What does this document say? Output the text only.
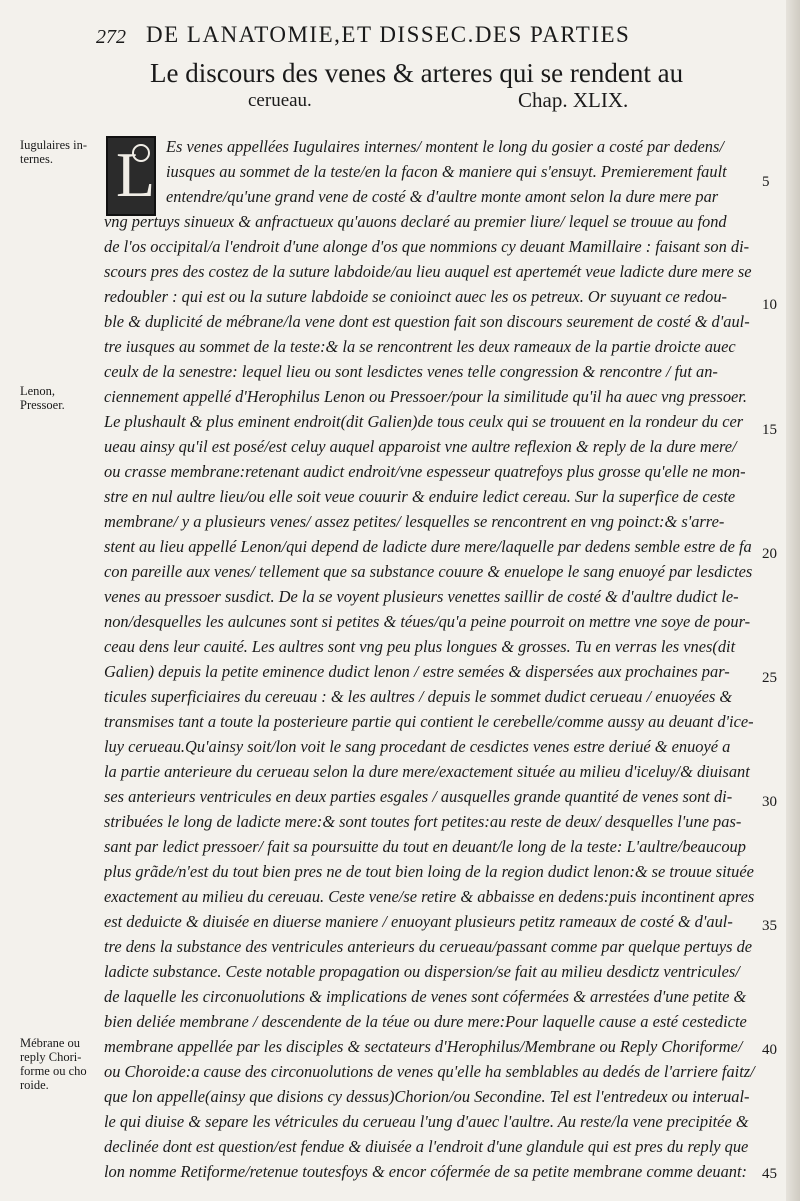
272 DE LANATOMIE,ET DISSEC.DES PARTIES
Le discours des venes & arteres qui se rendent au
cerueau.	Chap. XLIX.
L
Iugulaires in- ternes.
Lenon, Pressoer.
Mébrane ou reply Chori- forme ou cho roide.
5
10
15
20
25
30
35
40
45
Es venes appellées Iugulaires internes/ montent le long du gosier a costé par dedens/
iusques au sommet de la teste/en la facon & maniere qui s'ensuyt. Premierement fault
entendre/qu'une grand vene de costé & d'aultre monte amont selon la dure mere par
vng pertuys sinueux & anfractueux qu'auons declaré au premier liure/ lequel se trouue au fond
de l'os occipital/a l'endroit d'une alonge d'os que nommions cy deuant Mamillaire : faisant son di-
scours pres des costez de la suture labdoide/au lieu auquel est apertemét veue ladicte dure mere se
redoubler : qui est ou la suture labdoide se conioinct auec les os petreux. Or suyuant ce redou-
ble & duplicité de mébrane/la vene dont est question fait son discours seurement de costé & d'aul-
tre iusques au sommet de la teste:& la se rencontrent les deux rameaux de la partie droicte auec
ceulx de la senestre: lequel lieu ou sont lesdictes venes telle congression & rencontre / fut an-
ciennement appellé d'Herophilus Lenon ou Pressoer/pour la similitude qu'il ha auec vng pressoer.
Le plushault & plus eminent endroit(dit Galien)de tous ceulx qui se trouuent en la rondeur du cer
ueau ainsy qu'il est posé/est celuy auquel apparoist vne aultre reflexion & reply de la dure mere/
ou crasse membrane:retenant audict endroit/vne espesseur quatrefoys plus grosse qu'elle ne mon-
stre en nul aultre lieu/ou elle soit veue couurir & enduire ledict cereau. Sur la superfice de ceste
membrane/ y a plusieurs venes/ assez petites/ lesquelles se rencontrent en vng poinct:& s'arre-
stent au lieu appellé Lenon/qui depend de ladicte dure mere/laquelle par dedens semble estre de fa
con pareille aux venes/ tellement que sa substance couure & enuelope le sang enuoyé par lesdictes
venes au pressoer susdict. De la se voyent plusieurs venettes saillir de costé & d'aultre dudict le-
non/desquelles les aulcunes sont si petites & téues/qu'a peine pourroit on mettre vne soye de pour-
ceau dens leur cauité. Les aultres sont vng peu plus longues & grosses. Tu en verras les vnes(dit
Galien) depuis la petite eminence dudict lenon / estre semées & dispersées aux prochaines par-
ticules superficiaires du cereuau : & les aultres / depuis le sommet dudict cerueau / enuoyées &
transmises tant a toute la posterieure partie qui contient le cerebelle/comme aussy au deuant d'ice-
luy cerueau.Qu'ainsy soit/lon voit le sang procedant de cesdictes venes estre deriué & enuoyé a
la partie anterieure du cerueau selon la dure mere/exactement située au milieu d'iceluy/& diuisant
ses anterieurs ventricules en deux parties esgales / ausquelles grande quantité de venes sont di-
stribuées le long de ladicte mere:& sont toutes fort petites:au reste de deux/ desquelles l'une pas-
sant par ledict pressoer/ fait sa poursuitte du tout en deuant/le long de la teste: L'aultre/beaucoup
plus grãde/n'est du tout bien pres ne de tout bien loing de la region dudict lenon:& se trouue située
exactement au milieu du cereuau. Ceste vene/se retire & abbaisse en dedens:puis incontinent apres
est deduicte & diuisée en diuerse maniere / enuoyant plusieurs petitz rameaux de costé & d'aul-
tre dens la substance des ventricules anterieurs du cerueau/passant comme par quelque pertuys de
ladicte substance. Ceste notable propagation ou dispersion/se fait au milieu desdictz ventricules/
de laquelle les circonuolutions & implications de venes sont cófermées & arrestées d'une petite &
bien deliée membrane / descendente de la téue ou dure mere:Pour laquelle cause a esté cestedicte
membrane appellée par les disciples & sectateurs d'Herophilus/Membrane ou Reply Choriforme/
ou Choroide:a cause des circonuolutions de venes qu'elle ha semblables au dedés de l'arriere faitz/
que lon appelle(ainsy que disions cy dessus)Chorion/ou Secondine. Tel est l'entredeux ou interual-
le qui diuise & separe les vétricules du cerueau l'ung d'auec l'aultre. Au reste/la vene precipitée &
declinée dont est question/est fendue & diuisée a l'endroit d'une glandule qui est pres du reply que
lon nomme Retiforme/retenue toutesfoys & encor cófermée de sa petite membrane comme deuant:
